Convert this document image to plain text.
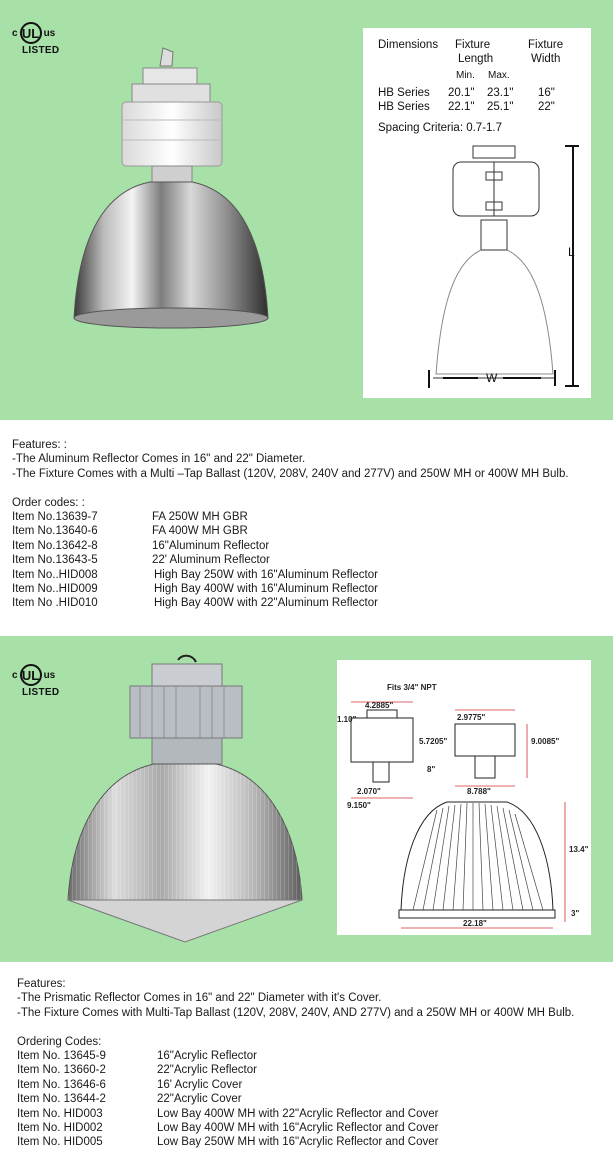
c UL us
LISTED	Dimensions Fixture
Length
Fixture
Width
Min. Max.
HB Series 20.1" 23.1" 16"
HB Series 22.1" 25.1" 22"
Spacing Criteria: 0.7-1.7
L
W
Features: :
-The Aluminum Reflector Comes in 16" and 22" Diameter.
-The Fixture Comes with a Multi –Tap Ballast (120V, 208V, 240V and 277V) and 250W MH or 400W MH Bulb.
Order codes: :
Item No.13639-7	FA 250W MH GBR
Item No.13640-6	FA 400W MH GBR
Item No.13642-8	16"Aluminum Reflector
Item No.13643-5	22' Aluminum Reflector
Item No..HID008	High Bay 250W with 16"Aluminum Reflector
Item No..HID009	High Bay 400W with 16"Aluminum Reflector
Item No .HID010	High Bay 400W with 22"Aluminum Reflector
c UL us
LISTED	Fits 3/4" NPT
4.2885"
2.9775"
1.10"
5.7205"
8"
9.0085"
8.788"
2.070"
9.150"
13.4"
3"
22.18"
Features:
-The Prismatic Reflector Comes in 16" and 22" Diameter with it's Cover.
-The Fixture Comes with Multi-Tap Ballast (120V, 208V, 240V, AND 277V) and a 250W MH or 400W MH Bulb.
Ordering Codes:
Item No. 13645-9	16"Acrylic Reflector
Item No. 13660-2	22"Acrylic Reflector
Item No. 13646-6	16' Acrylic Cover
Item No. 13644-2	22"Acrylic Cover
Item No. HID003	Low Bay 400W MH with 22"Acrylic Reflector and Cover
Item No. HID002	Low Bay 400W MH with 16"Acrylic Reflector and Cover
Item No. HID005	Low Bay 250W MH with 16"Acrylic Reflector and Cover
